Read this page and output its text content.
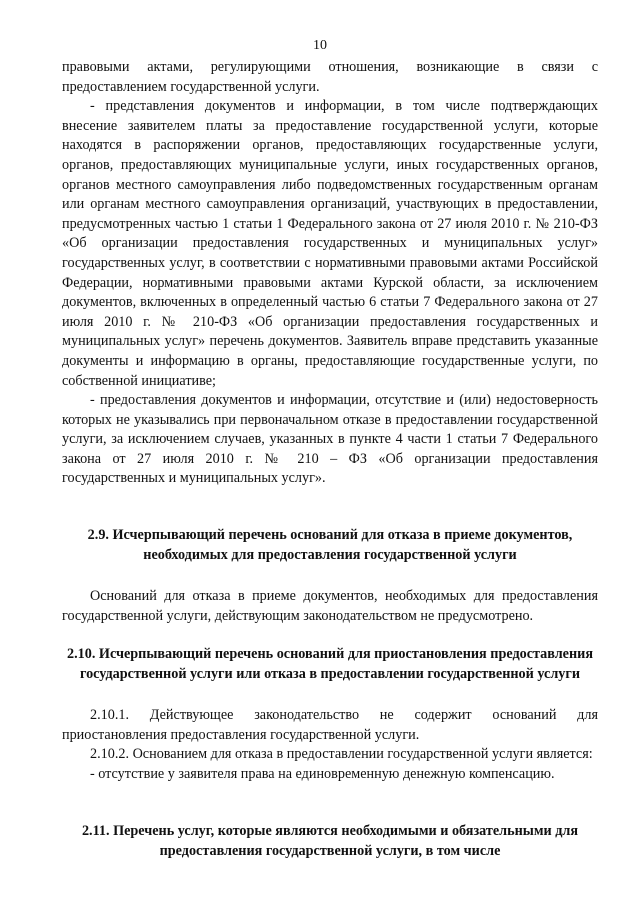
10

правовыми актами, регулирующими отношения, возникающие в связи с предоставлением государственной услуги.

- представления документов и информации, в том числе подтверждающих внесение заявителем платы за предоставление государственной услуги, которые находятся в распоряжении органов, предоставляющих государственные услуги, органов, предоставляющих муниципальные услуги, иных государственных органов, органов местного самоуправления либо подведомственных государственным органам или органам местного самоуправления организаций, участвующих в предоставлении, предусмотренных частью 1 статьи 1 Федерального закона от 27 июля 2010 г. № 210-ФЗ «Об организации предоставления государственных и муниципальных услуг» государственных услуг, в соответствии с нормативными правовыми актами Российской Федерации, нормативными правовыми актами Курской области, за исключением документов, включенных в определенный частью 6 статьи 7 Федерального закона от 27 июля 2010 г. № 210-ФЗ «Об организации предоставления государственных и муниципальных услуг» перечень документов. Заявитель вправе представить указанные документы и информацию в органы, предоставляющие государственные услуги, по собственной инициативе;

- предоставления документов и информации, отсутствие и (или) недостоверность которых не указывались при первоначальном отказе в предоставлении государственной услуги, за исключением случаев, указанных в пункте 4 части 1 статьи 7 Федерального закона от 27 июля 2010 г. № 210 – ФЗ «Об организации предоставления государственных и муниципальных услуг».

2.9. Исчерпывающий перечень оснований для отказа в приеме документов, необходимых для предоставления государственной услуги

Оснований для отказа в приеме документов, необходимых для предоставления государственной услуги, действующим законодательством не предусмотрено.

2.10. Исчерпывающий перечень оснований для приостановления предоставления государственной услуги или отказа в предоставлении государственной услуги

2.10.1. Действующее законодательство не содержит оснований для приостановления предоставления государственной услуги.

2.10.2. Основанием для отказа в предоставлении государственной услуги является:

- отсутствие у заявителя права на единовременную денежную компенсацию.

2.11. Перечень услуг, которые являются необходимыми и обязательными для предоставления государственной услуги, в том числе
